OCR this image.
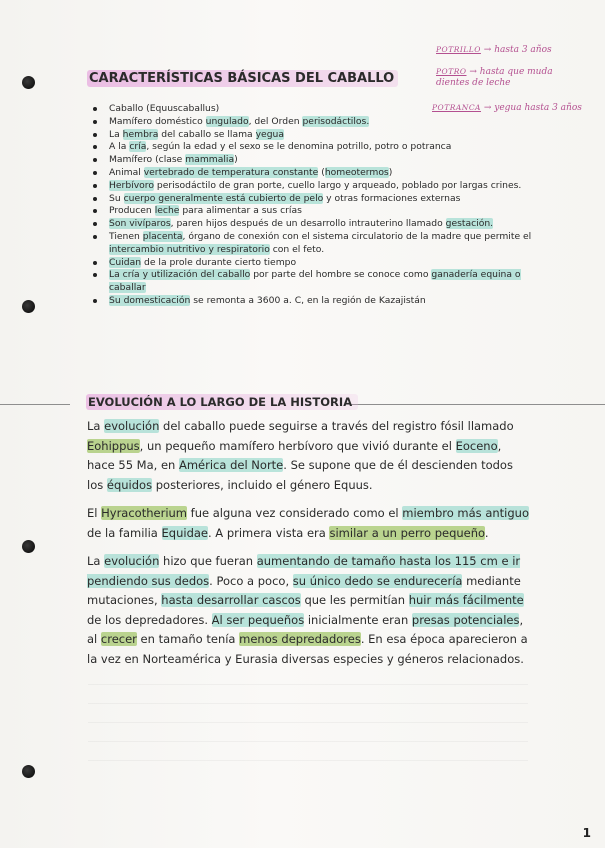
POTRILLO → hasta 3 años
POTRO → hasta que muda dientes de leche
POTRANCA → yegua hasta 3 años
CARACTERÍSTICAS BÁSICAS DEL CABALLO
Caballo (Equuscaballus)
Mamífero doméstico ungulado, del Orden perisodáctilos.
La hembra del caballo se llama yegua
A la cría, según la edad y el sexo se le denomina potrillo, potro o potranca
Mamífero (clase mammalia)
Animal vertebrado de temperatura constante (homeotermos)
Herbívoro perisodáctilo de gran porte, cuello largo y arqueado, poblado por largas crines.
Su cuerpo generalmente está cubierto de pelo y otras formaciones externas
Producen leche para alimentar a sus crías
Son vivíparos, paren hijos después de un desarrollo intrauterino llamado gestación.
Tienen placenta, órgano de conexión con el sistema circulatorio de la madre que permite el intercambio nutritivo y respiratorio con el feto.
Cuidan de la prole durante cierto tiempo
La cría y utilización del caballo por parte del hombre se conoce como ganadería equina o caballar
Su domesticación se remonta a 3600 a. C, en la región de Kazajistán
EVOLUCIÓN A LO LARGO DE LA HISTORIA

La evolución del caballo puede seguirse a través del registro fósil llamado Eohippus, un pequeño mamífero herbívoro que vivió durante el Eoceno, hace 55 Ma, en América del Norte. Se supone que de él descienden todos los équidos posteriores, incluido el género Equus.

El Hyracotherium fue alguna vez considerado como el miembro más antiguo de la familia Equidae. A primera vista era similar a un perro pequeño.

La evolución hizo que fueran aumentando de tamaño hasta los 115 cm e ir pendiendo sus dedos. Poco a poco, su único dedo se endurecería mediante mutaciones, hasta desarrollar cascos que les permitían huir más fácilmente de los depredadores. Al ser pequeños inicialmente eran presas potenciales, al crecer en tamaño tenía menos depredadores. En esa época aparecieron a la vez en Norteamérica y Eurasia diversas especies y géneros relacionados.

1
